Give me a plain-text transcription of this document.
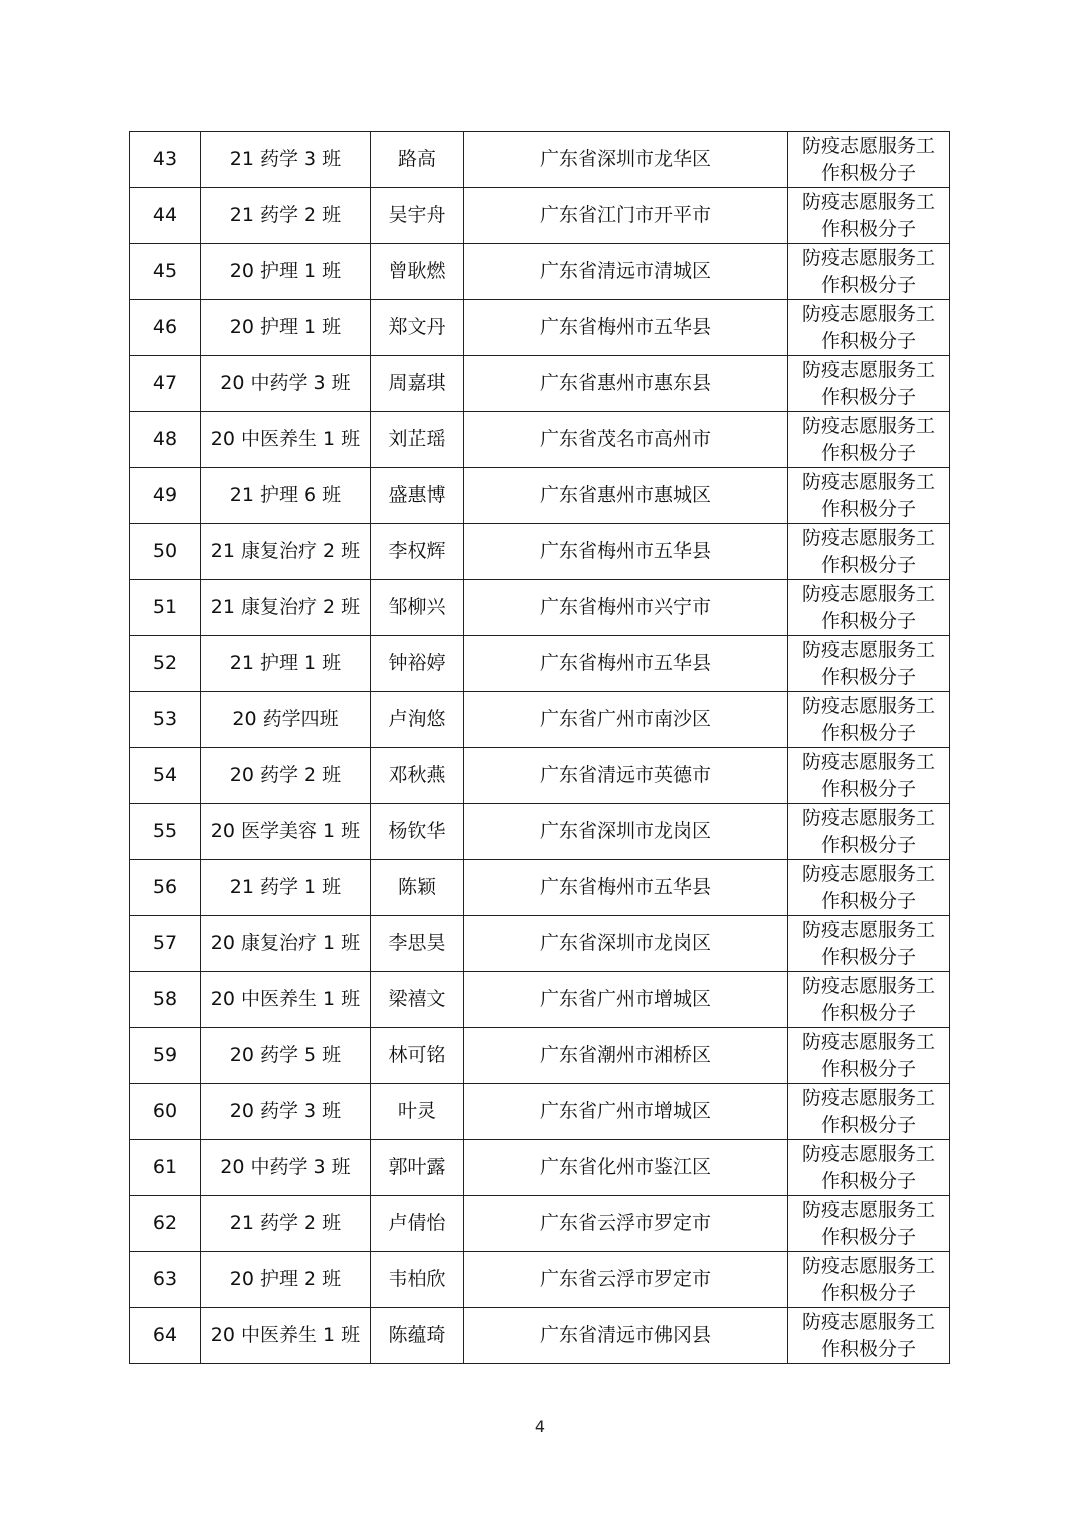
43	21 药学 3 班	路高	广东省深圳市龙华区	防疫志愿服务工
作积极分子

44	21 药学 2 班	吴宇舟	广东省江门市开平市	防疫志愿服务工
作积极分子

45	20 护理 1 班	曾耿燃	广东省清远市清城区	防疫志愿服务工
作积极分子

46	20 护理 1 班	郑文丹	广东省梅州市五华县	防疫志愿服务工
作积极分子

47	20 中药学 3 班	周嘉琪	广东省惠州市惠东县	防疫志愿服务工
作积极分子

48	20 中医养生 1 班	刘芷瑶	广东省茂名市高州市	防疫志愿服务工
作积极分子

49	21 护理 6 班	盛惠博	广东省惠州市惠城区	防疫志愿服务工
作积极分子

50	21 康复治疗 2 班	李权辉	广东省梅州市五华县	防疫志愿服务工
作积极分子

51	21 康复治疗 2 班	邹柳兴	广东省梅州市兴宁市	防疫志愿服务工
作积极分子

52	21 护理 1 班	钟裕婷	广东省梅州市五华县	防疫志愿服务工
作积极分子

53	20 药学四班	卢洵悠	广东省广州市南沙区	防疫志愿服务工
作积极分子

54	20 药学 2 班	邓秋燕	广东省清远市英德市	防疫志愿服务工
作积极分子

55	20 医学美容 1 班	杨钦华	广东省深圳市龙岗区	防疫志愿服务工
作积极分子

56	21 药学 1 班	陈颖	广东省梅州市五华县	防疫志愿服务工
作积极分子

57	20 康复治疗 1 班	李思昊	广东省深圳市龙岗区	防疫志愿服务工
作积极分子

58	20 中医养生 1 班	梁禧文	广东省广州市增城区	防疫志愿服务工
作积极分子

59	20 药学 5 班	林可铭	广东省潮州市湘桥区	防疫志愿服务工
作积极分子

60	20 药学 3 班	叶灵	广东省广州市增城区	防疫志愿服务工
作积极分子

61	20 中药学 3 班	郭叶露	广东省化州市鉴江区	防疫志愿服务工
作积极分子

62	21 药学 2 班	卢倩怡	广东省云浮市罗定市	防疫志愿服务工
作积极分子

63	20 护理 2 班	韦柏欣	广东省云浮市罗定市	防疫志愿服务工
作积极分子

64	20 中医养生 1 班	陈蕴琦	广东省清远市佛冈县	防疫志愿服务工
作积极分子
4
